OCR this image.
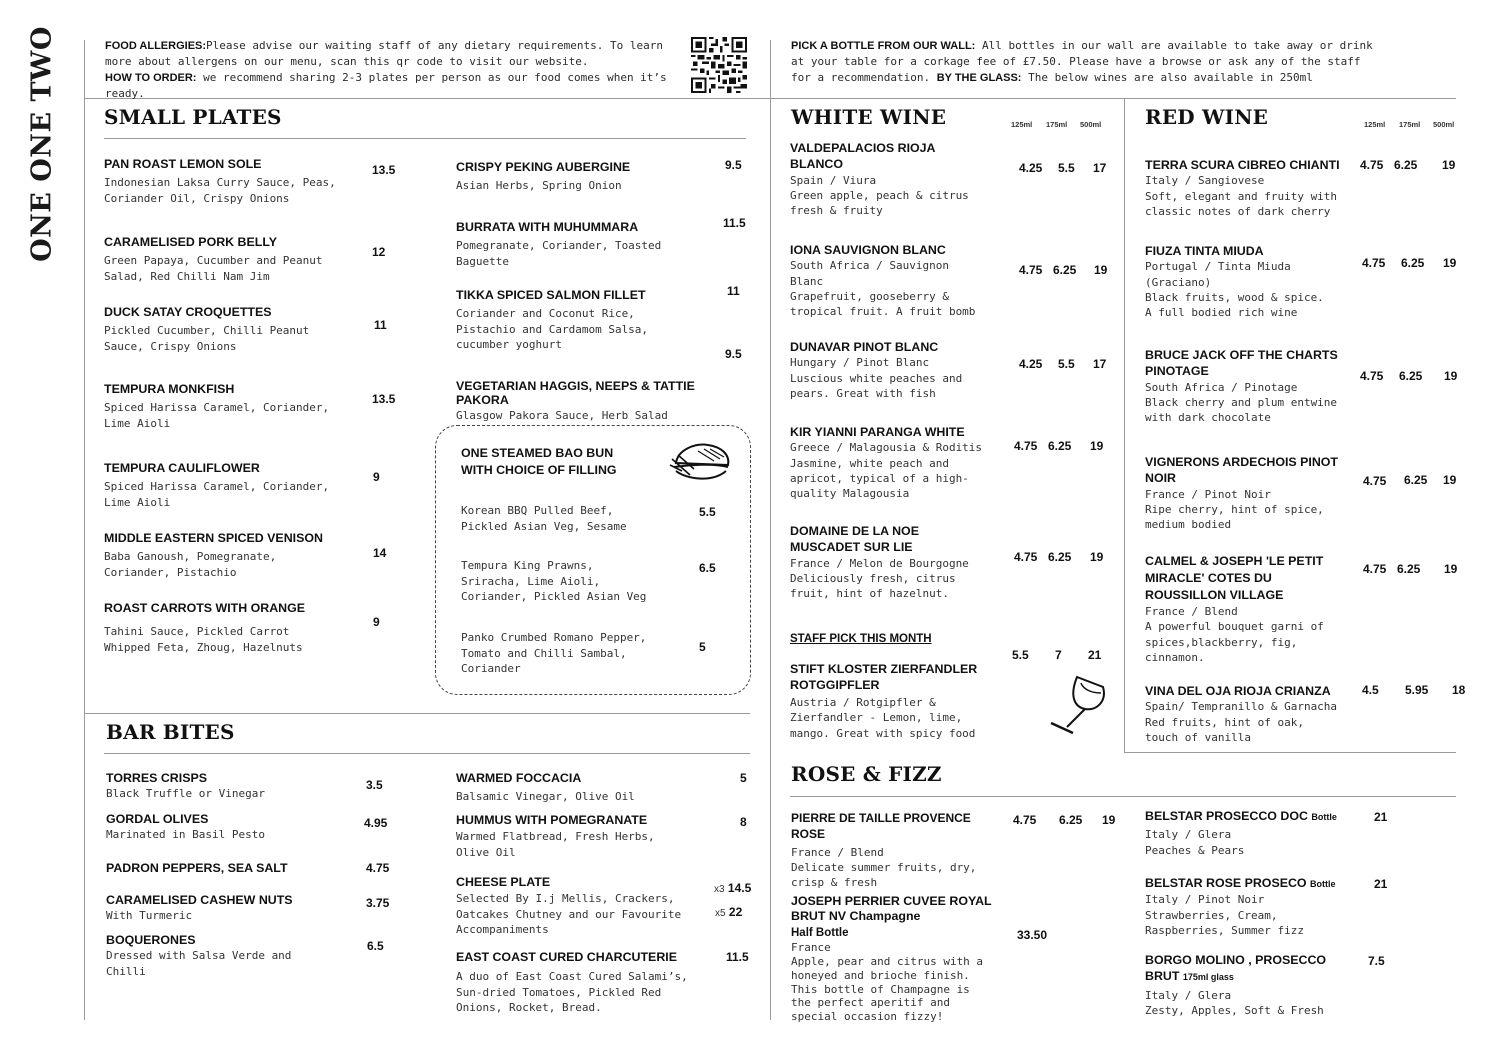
ONE ONE TWO	FOOD ALLERGIES:Please advise our waiting staff of any dietary requirements. To learn more about allergens on our menu, scan this qr code to visit our website.
HOW TO ORDER: we recommend sharing 2-3 plates per person as our food comes when it’s ready.
PICK A BOTTLE FROM OUR WALL: All bottles in our wall are available to take away or drink at your table for a corkage fee of £7.50. Please have a browse or ask any of the staff for a recommendation. BY THE GLASS: The below wines are also available in 250ml
SMALL PLATES
BAR BITES
WHITE WINE	RED WINE
ROSE & FIZZ
125ml 175ml 500ml	125ml 175ml 500ml
PAN ROAST LEMON SOLE
Indonesian Laksa Curry Sauce, Peas,
Coriander Oil, Crispy Onions
13.5
CARAMELISED PORK BELLY
Green Papaya, Cucumber and Peanut
Salad, Red Chilli Nam Jim
12
DUCK SATAY CROQUETTES
Pickled Cucumber, Chilli Peanut
Sauce, Crispy Onions
11
TEMPURA MONKFISH
Spiced Harissa Caramel, Coriander,
Lime Aioli
13.5
TEMPURA CAULIFLOWER
Spiced Harissa Caramel, Coriander,
Lime Aioli
9
MIDDLE EASTERN SPICED VENISON
Baba Ganoush, Pomegranate,
Coriander, Pistachio
14
ROAST CARROTS WITH ORANGE
Tahini Sauce, Pickled Carrot
Whipped Feta, Zhoug, Hazelnuts
9
CRISPY PEKING AUBERGINE
Asian Herbs, Spring Onion
9.5
BURRATA WITH MUHUMMARA
Pomegranate, Coriander, Toasted
Baguette
11.5
TIKKA SPICED SALMON FILLET
Coriander and Coconut Rice,
Pistachio and Cardamom Salsa,
cucumber yoghurt
11
VEGETARIAN HAGGIS, NEEPS & TATTIE PAKORA
Glasgow Pakora Sauce, Herb Salad
9.5
ONE STEAMED BAO BUN
WITH CHOICE OF FILLING
Korean BBQ Pulled Beef,
Pickled Asian Veg, Sesame
5.5
Tempura King Prawns,
Sriracha, Lime Aioli,
Coriander, Pickled Asian Veg
6.5
Panko Crumbed Romano Pepper,
Tomato and Chilli Sambal,
Coriander
5
TORRES CRISPS
Black Truffle or Vinegar
3.5
GORDAL OLIVES
Marinated in Basil Pesto
4.95
PADRON PEPPERS, SEA SALT	4.75
CARAMELISED CASHEW NUTS
With Turmeric
3.75
BOQUERONES
Dressed with Salsa Verde and
Chilli
6.5
WARMED FOCCACIA
Balsamic Vinegar, Olive Oil
5
HUMMUS WITH POMEGRANATE
Warmed Flatbread, Fresh Herbs,
Olive Oil
8
CHEESE PLATE
Selected By I.j Mellis, Crackers,
Oatcakes Chutney and our Favourite
Accompaniments
x3 14.5
x5 22
EAST COAST CURED CHARCUTERIE
A duo of East Coast Cured Salami’s,
Sun-dried Tomatoes, Pickled Red
Onions, Rocket, Bread.
11.5
VALDEPALACIOS RIOJA
BLANCO
Spain / Viura
Green apple, peach & citrus
fresh & fruity
4.25 5.5 17
IONA SAUVIGNON BLANC
South Africa / Sauvignon
Blanc
Grapefruit, gooseberry &
tropical fruit. A fruit bomb
4.75 6.25 19
DUNAVAR PINOT BLANC
Hungary / Pinot Blanc
Luscious white peaches and
pears. Great with fish
4.25 5.5 17
KIR YIANNI PARANGA WHITE
Greece / Malagousia & Roditis
Jasmine, white peach and
apricot, typical of a high-
quality Malagousia
4.75 6.25 19
DOMAINE DE LA NOE
MUSCADET SUR LIE
France / Melon de Bourgogne
Deliciously fresh, citrus
fruit, hint of hazelnut.
4.75 6.25 19
STAFF PICK THIS MONTH
STIFT KLOSTER ZIERFANDLER
ROTGGIPFLER
Austria / Rotgipfler &
Zierfandler - Lemon, lime,
mango. Great with spicy food
5.5 7 21
TERRA SCURA CIBREO CHIANTI
Italy / Sangiovese
Soft, elegant and fruity with
classic notes of dark cherry
4.75 6.25 19
FIUZA TINTA MIUDA
Portugal / Tinta Miuda
(Graciano)
Black fruits, wood & spice.
A full bodied rich wine
4.75 6.25 19
BRUCE JACK OFF THE CHARTS
PINOTAGE
South Africa / Pinotage
Black cherry and plum entwine
with dark chocolate
4.75 6.25 19
VIGNERONS ARDECHOIS PINOT
NOIR
France / Pinot Noir
Ripe cherry, hint of spice,
medium bodied
4.75 6.25 19
CALMEL & JOSEPH 'LE PETIT
MIRACLE' COTES DU
ROUSSILLON VILLAGE
France / Blend
A powerful bouquet garni of
spices,blackberry, fig,
cinnamon.
4.75 6.25 19
VINA DEL OJA RIOJA CRIANZA
Spain/ Tempranillo & Garnacha
Red fruits, hint of oak,
touch of vanilla
4.5 5.95 18
PIERRE DE TAILLE PROVENCE ROSE
France / Blend
Delicate summer fruits, dry,
crisp & fresh
4.75 6.25 19
JOSEPH PERRIER CUVEE ROYAL
BRUT NV Champagne
Half Bottle
France
Apple, pear and citrus with a
honeyed and brioche finish.
This bottle of Champagne is
the perfect aperitif and
special occasion fizzy!
33.50
BELSTAR PROSECCO DOC Bottle
Italy / Glera
Peaches & Pears
21
BELSTAR ROSE PROSECO Bottle
Italy / Pinot Noir
Strawberries, Cream,
Raspberries, Summer fizz
21
BORGO MOLINO , PROSECCO
BRUT 175ml glass
Italy / Glera
Zesty, Apples, Soft & Fresh
7.5
